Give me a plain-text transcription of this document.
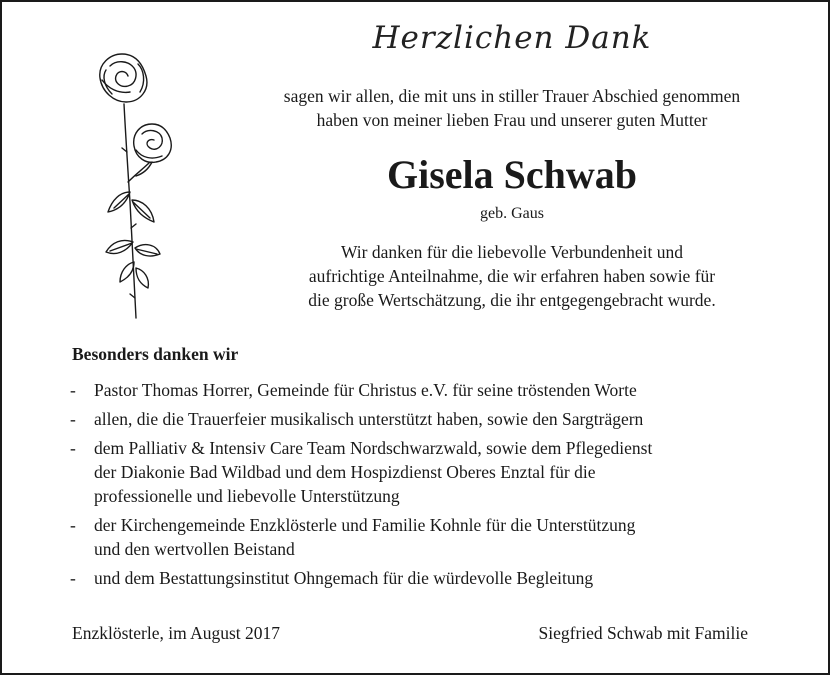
Herzlichen Dank
sagen wir allen, die mit uns in stiller Trauer Abschied genommen
haben von meiner lieben Frau und unserer guten Mutter
Gisela Schwab
geb. Gaus
Wir danken für die liebevolle Verbundenheit und
aufrichtige Anteilnahme, die wir erfahren haben sowie für
die große Wertschätzung, die ihr entgegengebracht wurde.
Besonders danken wir
- Pastor Thomas Horrer, Gemeinde für Christus e.V. für seine tröstenden Worte
- allen, die die Trauerfeier musikalisch unterstützt haben, sowie den Sargträgern
- dem Palliativ & Intensiv Care Team Nordschwarzwald, sowie dem Pflegedienst
der Diakonie Bad Wildbad und dem Hospizdienst Oberes Enztal für die
professionelle und liebevolle Unterstützung
- der Kirchengemeinde Enzklösterle und Familie Kohnle für die Unterstützung
und den wertvollen Beistand
- und dem Bestattungsinstitut Ohngemach für die würdevolle Begleitung
Enzklösterle, im August 2017	Siegfried Schwab mit Familie
